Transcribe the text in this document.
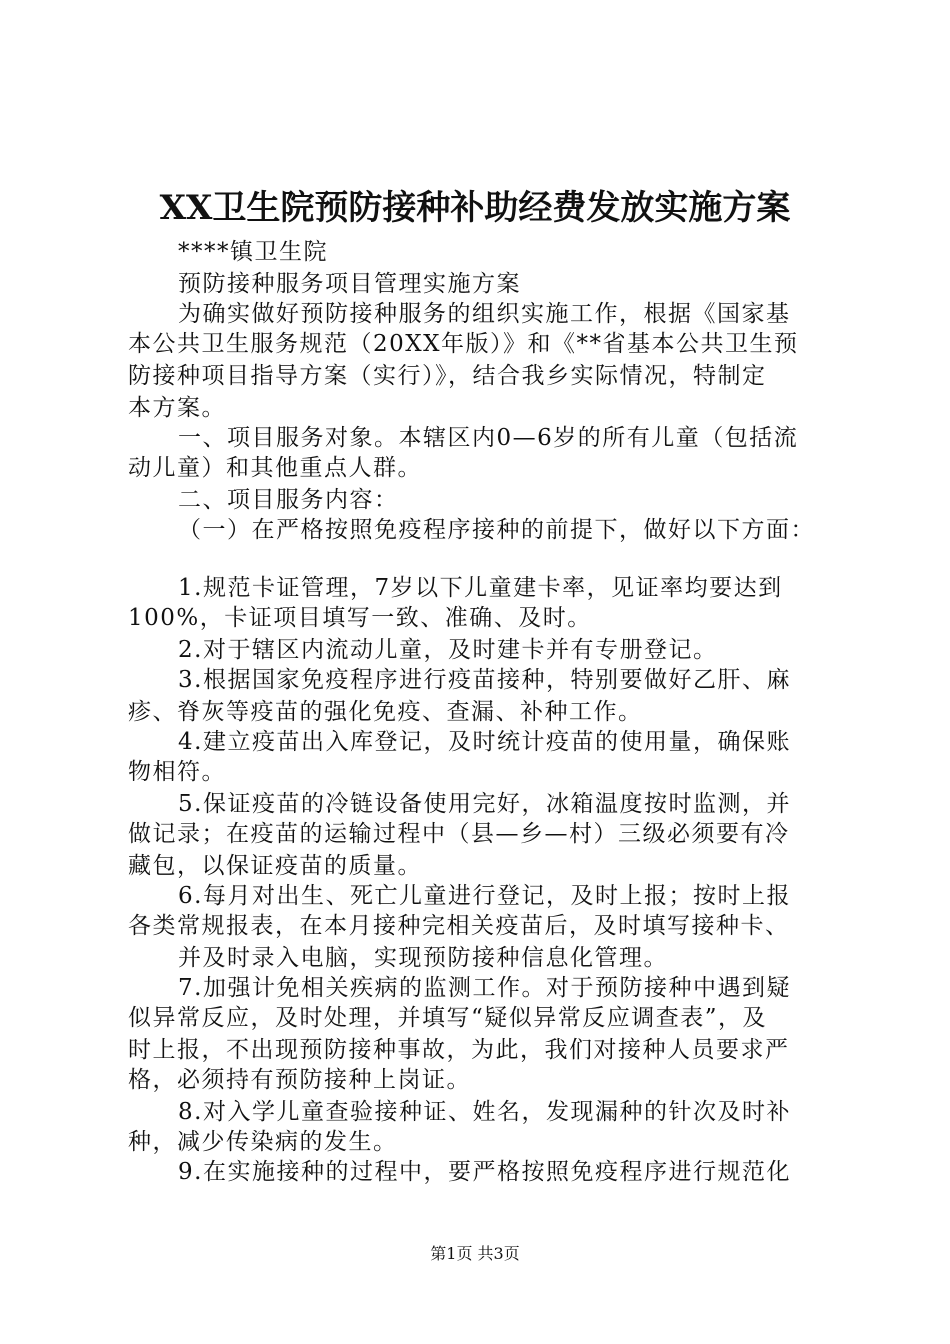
XX卫生院预防接种补助经费发放实施方案
****镇卫生院
预防接种服务项目管理实施方案
为确实做好预防接种服务的组织实施工作，根据《国家基
本公共卫生服务规范（20XX年版）》和《**省基本公共卫生预
防接种项目指导方案（实行）》，结合我乡实际情况，特制定
本方案。
一、项目服务对象。本辖区内0—6岁的所有儿童（包括流
动儿童）和其他重点人群。
二、项目服务内容：
（一）在严格按照免疫程序接种的前提下，做好以下方面：
1.规范卡证管理，7岁以下儿童建卡率，见证率均要达到
100%，卡证项目填写一致、准确、及时。
2.对于辖区内流动儿童，及时建卡并有专册登记。
3.根据国家免疫程序进行疫苗接种，特别要做好乙肝、麻
疹、脊灰等疫苗的强化免疫、查漏、补种工作。
4.建立疫苗出入库登记，及时统计疫苗的使用量，确保账
物相符。
5.保证疫苗的冷链设备使用完好，冰箱温度按时监测，并
做记录；在疫苗的运输过程中（县—乡—村）三级必须要有冷
藏包，以保证疫苗的质量。
6.每月对出生、死亡儿童进行登记，及时上报；按时上报
各类常规报表，在本月接种完相关疫苗后，及时填写接种卡、
并及时录入电脑，实现预防接种信息化管理。
7.加强计免相关疾病的监测工作。对于预防接种中遇到疑
似异常反应，及时处理，并填写“疑似异常反应调查表”，及
时上报，不出现预防接种事故，为此，我们对接种人员要求严
格，必须持有预防接种上岗证。
8.对入学儿童查验接种证、姓名，发现漏种的针次及时补
种，减少传染病的发生。
9.在实施接种的过程中，要严格按照免疫程序进行规范化
第1页 共3页
